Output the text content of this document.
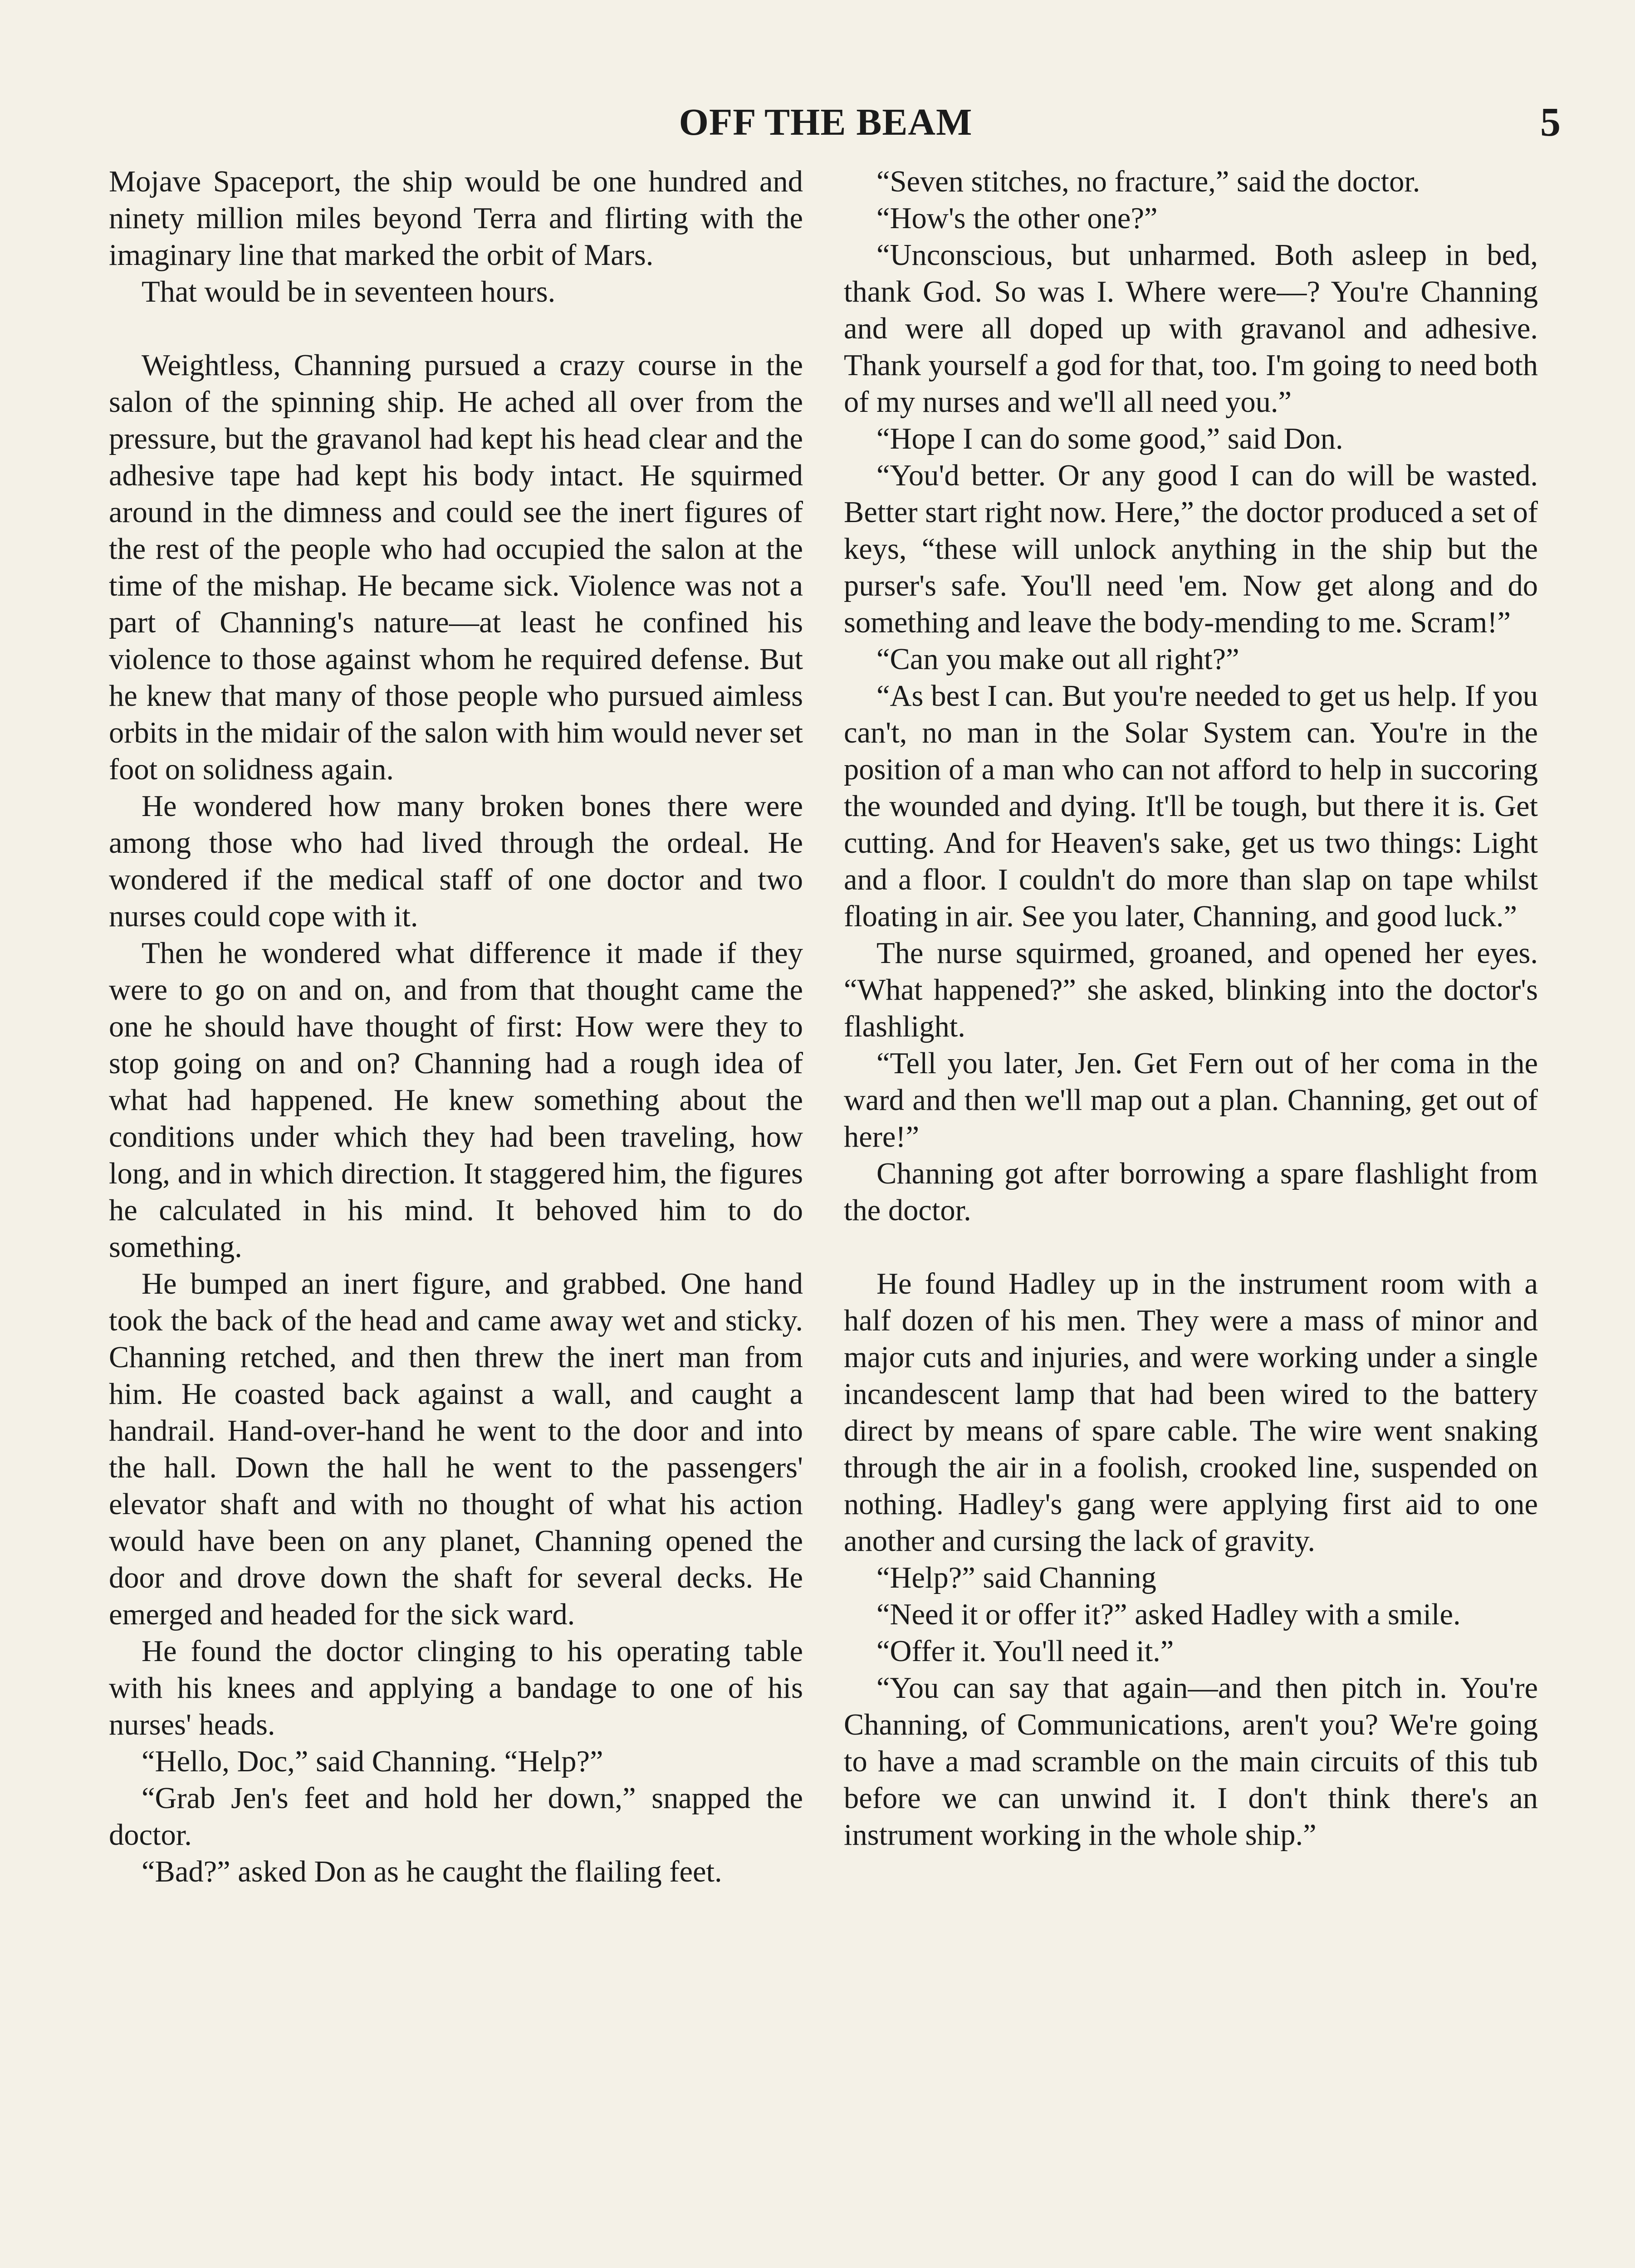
OFF THE BEAM	5

Mojave Spaceport, the ship would be one hundred and ninety million miles beyond Terra and flirting with the imaginary line that marked the orbit of Mars.

That would be in seventeen hours.

Weightless, Channing pursued a crazy course in the salon of the spinning ship. He ached all over from the pressure, but the gravanol had kept his head clear and the adhesive tape had kept his body intact. He squirmed around in the dimness and could see the inert figures of the rest of the people who had occupied the salon at the time of the mishap. He became sick. Violence was not a part of Channing's nature—at least he confined his violence to those against whom he required defense. But he knew that many of those people who pursued aimless orbits in the midair of the salon with him would never set foot on solidness again.

He wondered how many broken bones there were among those who had lived through the ordeal. He wondered if the medical staff of one doctor and two nurses could cope with it.

Then he wondered what difference it made if they were to go on and on, and from that thought came the one he should have thought of first: How were they to stop going on and on? Channing had a rough idea of what had happened. He knew something about the conditions under which they had been traveling, how long, and in which direction. It staggered him, the figures he calculated in his mind. It behoved him to do something.

He bumped an inert figure, and grabbed. One hand took the back of the head and came away wet and sticky. Channing retched, and then threw the inert man from him. He coasted back against a wall, and caught a handrail. Hand-over-hand he went to the door and into the hall. Down the hall he went to the passengers' elevator shaft and with no thought of what his action would have been on any planet, Channing opened the door and drove down the shaft for several decks. He emerged and headed for the sick ward.

He found the doctor clinging to his operating table with his knees and applying a bandage to one of his nurses' heads.

“Hello, Doc,” said Channing. “Help?”

“Grab Jen's feet and hold her down,” snapped the doctor.

“Bad?” asked Don as he caught the flailing feet.

“Seven stitches, no fracture,” said the doctor.

“How's the other one?”

“Unconscious, but unharmed. Both asleep in bed, thank God. So was I. Where were—? You're Channing and were all doped up with gravanol and adhesive. Thank yourself a god for that, too. I'm going to need both of my nurses and we'll all need you.”

“Hope I can do some good,” said Don.

“You'd better. Or any good I can do will be wasted. Better start right now. Here,” the doctor produced a set of keys, “these will unlock anything in the ship but the purser's safe. You'll need 'em. Now get along and do something and leave the body-mending to me. Scram!”

“Can you make out all right?”

“As best I can. But you're needed to get us help. If you can't, no man in the Solar System can. You're in the position of a man who can not afford to help in succoring the wounded and dying. It'll be tough, but there it is. Get cutting. And for Heaven's sake, get us two things: Light and a floor. I couldn't do more than slap on tape whilst floating in air. See you later, Channing, and good luck.”

The nurse squirmed, groaned, and opened her eyes. “What happened?” she asked, blinking into the doctor's flashlight.

“Tell you later, Jen. Get Fern out of her coma in the ward and then we'll map out a plan. Channing, get out of here!”

Channing got after borrowing a spare flashlight from the doctor.

He found Hadley up in the instrument room with a half dozen of his men. They were a mass of minor and major cuts and injuries, and were working under a single incandescent lamp that had been wired to the battery direct by means of spare cable. The wire went snaking through the air in a foolish, crooked line, suspended on nothing. Hadley's gang were applying first aid to one another and cursing the lack of gravity.

“Help?” said Channing

“Need it or offer it?” asked Hadley with a smile.

“Offer it. You'll need it.”

“You can say that again—and then pitch in. You're Channing, of Communications, aren't you? We're going to have a mad scramble on the main circuits of this tub before we can unwind it. I don't think there's an instrument working in the whole ship.”
